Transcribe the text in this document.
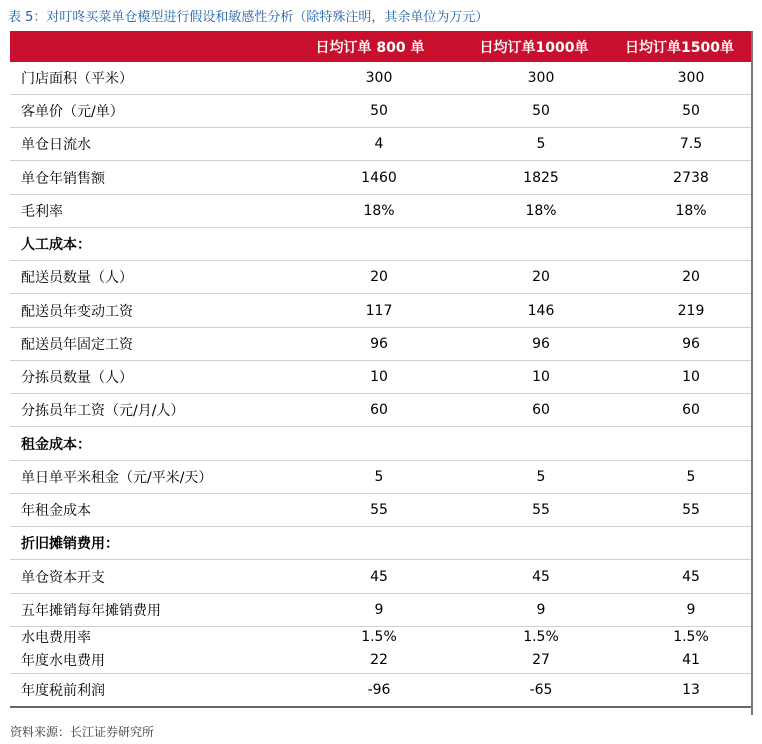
表 5：对叮咚买菜单仓模型进行假设和敏感性分析（除特殊注明，其余单位为万元）
日均订单 800 单	日均订单1000单	日均订单1500单
门店面积（平米）	300	300	300
客单价（元/单）	50	50	50
单仓日流水	4	5	7.5
单仓年销售额	1460	1825	2738
毛利率	18%	18%	18%
人工成本：
配送员数量（人）	20	20	20
配送员年变动工资	117	146	219
配送员年固定工资	96	96	96
分拣员数量（人）	10	10	10
分拣员年工资（元/月/人）	60	60	60
租金成本：
单日单平米租金（元/平米/天）	5	5	5
年租金成本	55	55	55
折旧摊销费用：
单仓资本开支	45	45	45
五年摊销每年摊销费用	9	9	9
水电费用率	1.5%	1.5%	1.5%
年度水电费用	22	27	41
年度税前利润	-96	-65	13
资料来源：长江证券研究所
